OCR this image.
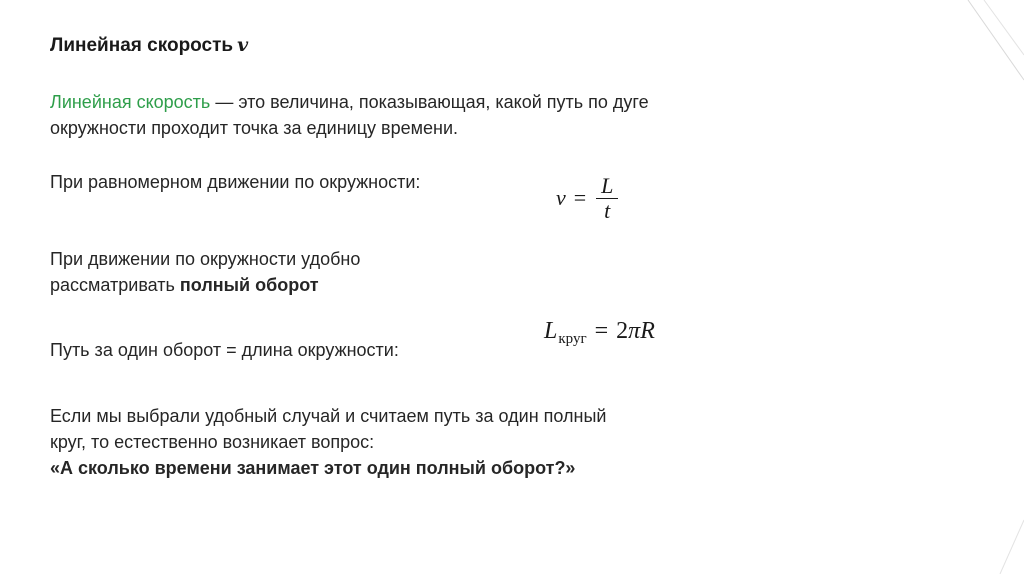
Линейная скорость v
Линейная скорость — это величина, показывающая, какой путь по дуге
окружности проходит точка за единицу времени.
При равномерном движении по окружности:
$v = \frac{L}{t}$
При движении по окружности удобно
рассматривать полный оборот
$L_{круг} = 2\pi R$
Путь за один оборот = длина окружности:
Если мы выбрали удобный случай и считаем путь за один полный
круг, то естественно возникает вопрос:
«А сколько времени занимает этот один полный оборот?»
